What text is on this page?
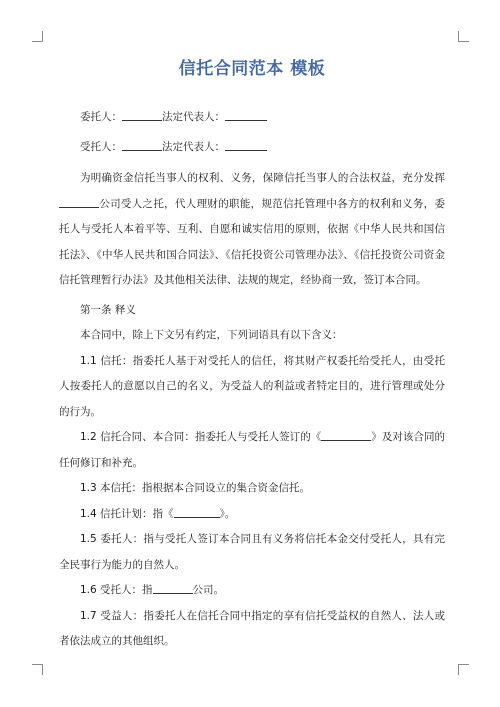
信托合同范本 模板

委托人：	法定代表人：

受托人：	法定代表人：

为明确资金信托当事人的权利、义务，保障信托当事人的合法权益，充分发挥公司受人之托，代人理财的职能，规范信托管理中各方的权利和义务，委托人与受托人本着平等、互利、自愿和诚实信用的原则，依据《中华人民共和国信托法》、《中华人民共和国合同法》、《信托投资公司管理办法》、《信托投资公司资金信托管理暂行办法》及其他相关法律、法规的规定，经协商一致，签订本合同。

第一条 释义

本合同中，除上下文另有约定，下列词语具有以下含义：

1.1 信托：指委托人基于对受托人的信任，将其财产权委托给受托人，由受托人按委托人的意愿以自己的名义，为受益人的利益或者特定目的，进行管理或处分的行为。

1.2 信托合同、本合同：指委托人与受托人签订的《	》及对该合同的任何修订和补充。

1.3 本信托：指根据本合同设立的集合资金信托。

1.4 信托计划：指《	》。

1.5 委托人：指与受托人签订本合同且有义务将信托本金交付受托人，具有完全民事行为能力的自然人。

1.6 受托人：指	公司。

1.7 受益人：指委托人在信托合同中指定的享有信托受益权的自然人、法人或者依法成立的其他组织。
